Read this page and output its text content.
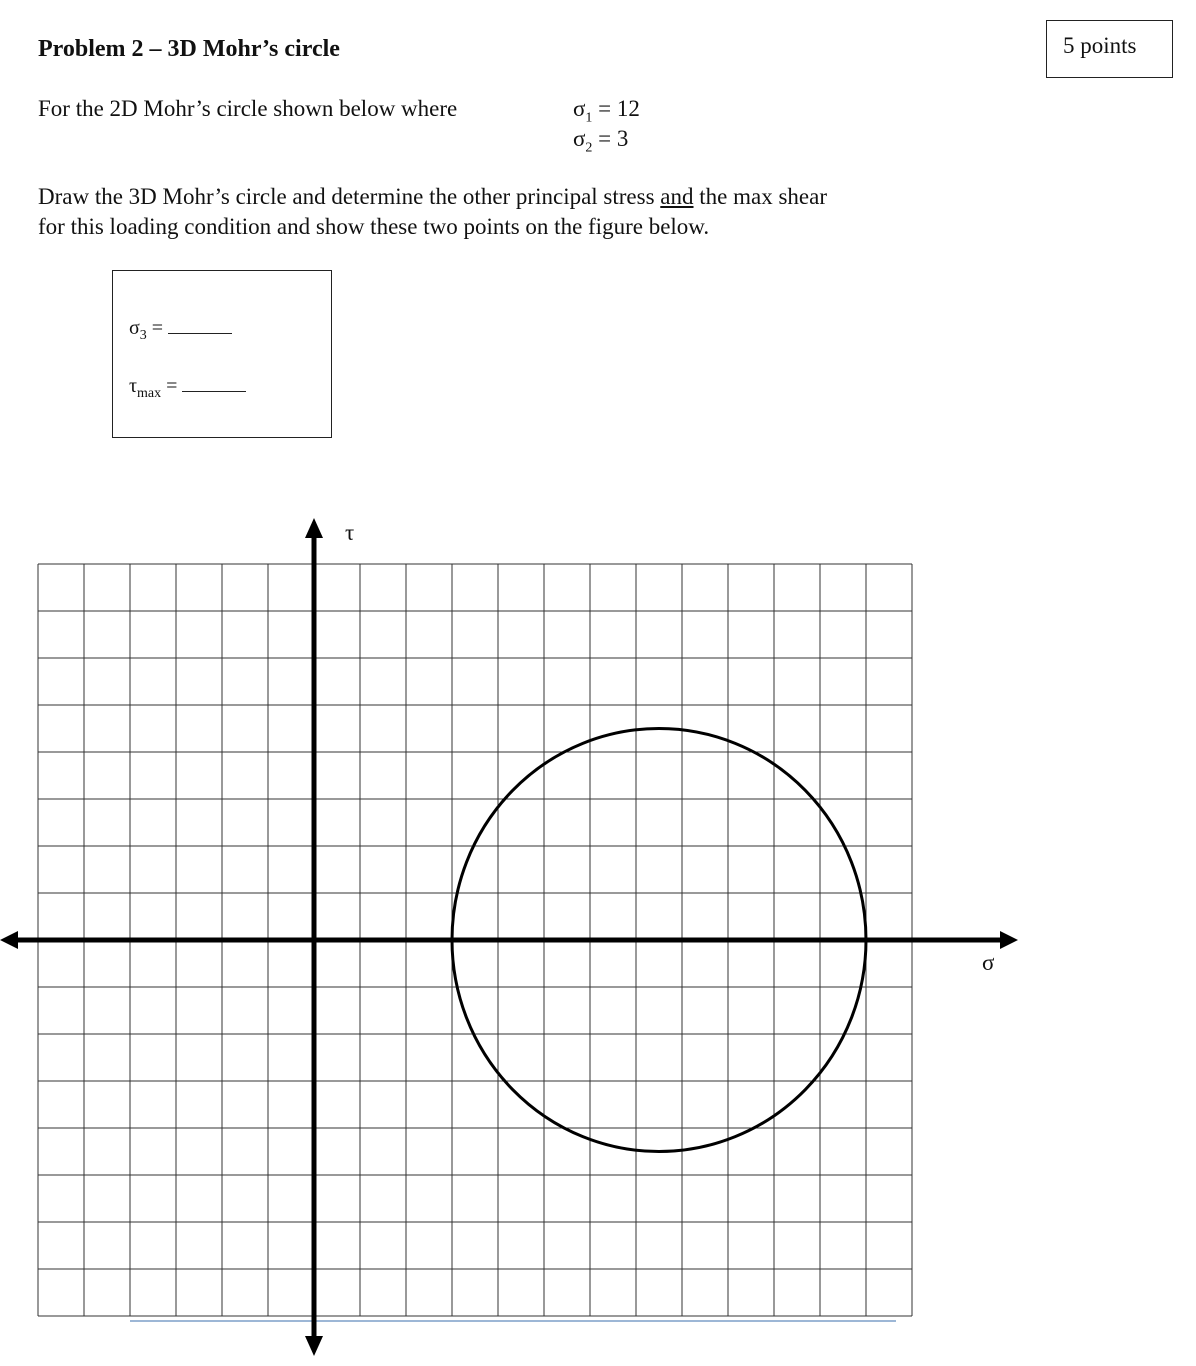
Problem 2 – 3D Mohr’s circle	5 points
For the 2D Mohr’s circle shown below where	$\sigma_1 = 12$
$\sigma_2 = 3$
Draw the 3D Mohr’s circle and determine the other principal stress and the max shear
for this loading condition and show these two points on the figure below.
$\sigma_3$ =
$\tau_{max}$ =
τ
σ
